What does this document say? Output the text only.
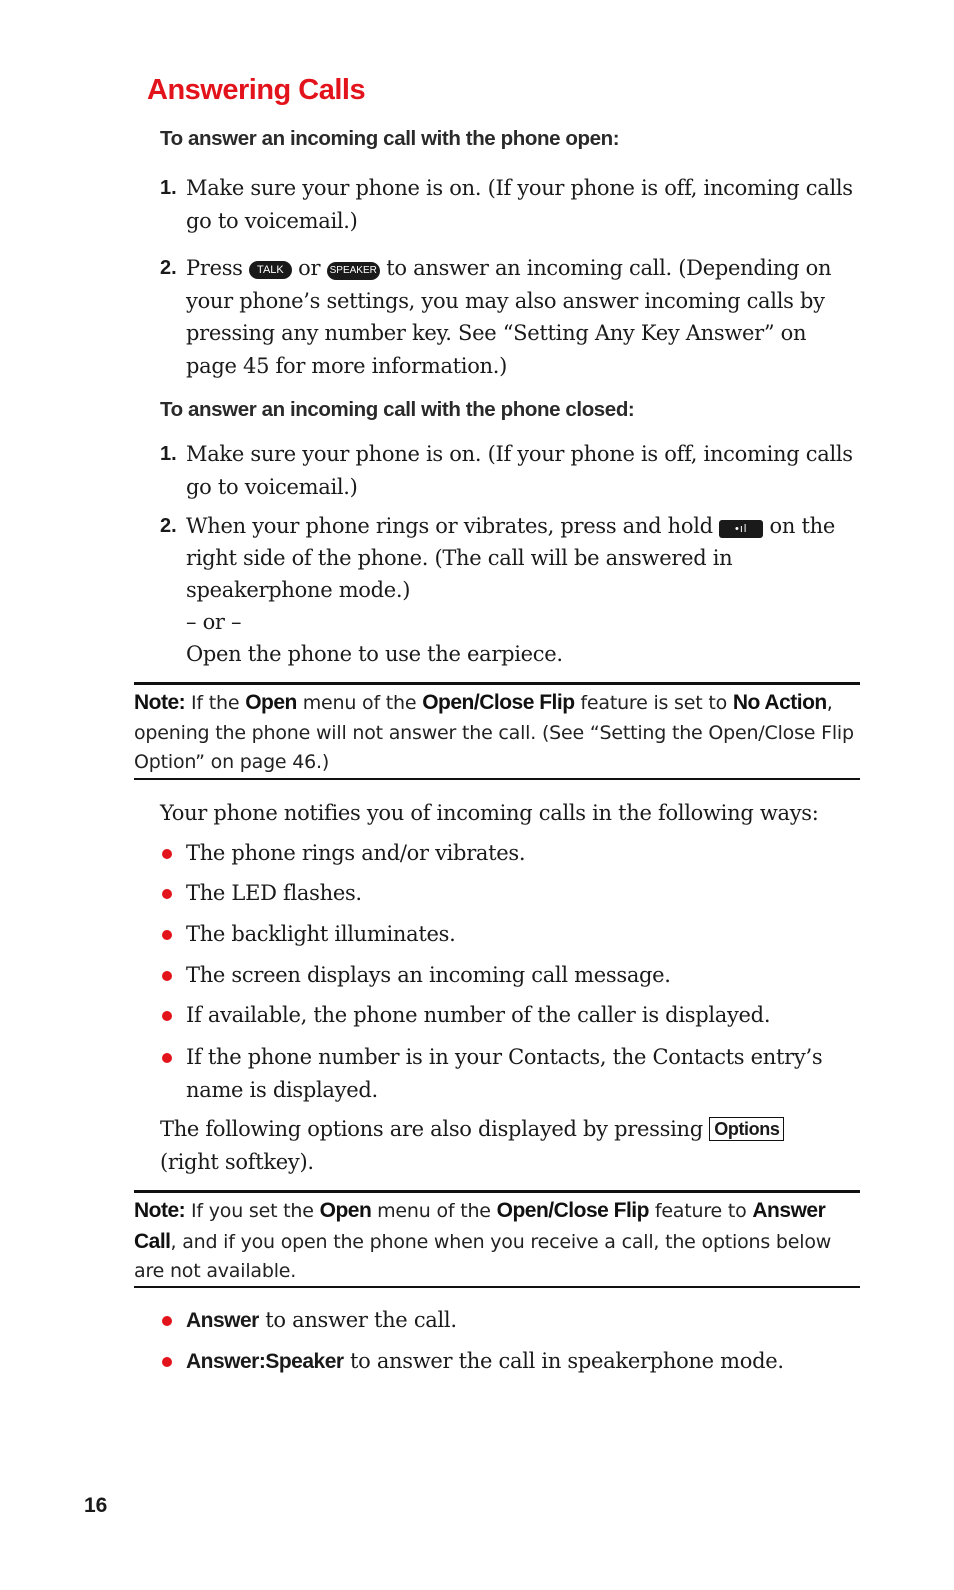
Answering Calls
To answer an incoming call with the phone open:
1. Make sure your phone is on. (If your phone is off, incoming calls go to voicemail.)
2. Press TALK or SPEAKER to answer an incoming call. (Depending on your phone’s settings, you may also answer incoming calls by pressing any number key. See “Setting Any Key Answer” on page 45 for more information.)
To answer an incoming call with the phone closed:
1. Make sure your phone is on. (If your phone is off, incoming calls go to voicemail.)
2. When your phone rings or vibrates, press and hold •ıl on the right side of the phone. (The call will be answered in speakerphone mode.)
– or –
Open the phone to use the earpiece.
Note: If the Open menu of the Open/Close Flip feature is set to No Action, opening the phone will not answer the call. (See “Setting the Open/Close Flip Option” on page 46.)
Your phone notifies you of incoming calls in the following ways:
The phone rings and/or vibrates.
The LED flashes.
The backlight illuminates.
The screen displays an incoming call message.
If available, the phone number of the caller is displayed.
If the phone number is in your Contacts, the Contacts entry’s name is displayed.
The following options are also displayed by pressing Options
(right softkey).
Note: If you set the Open menu of the Open/Close Flip feature to Answer Call, and if you open the phone when you receive a call, the options below are not available.
Answer to answer the call.
Answer:Speaker to answer the call in speakerphone mode.
16
